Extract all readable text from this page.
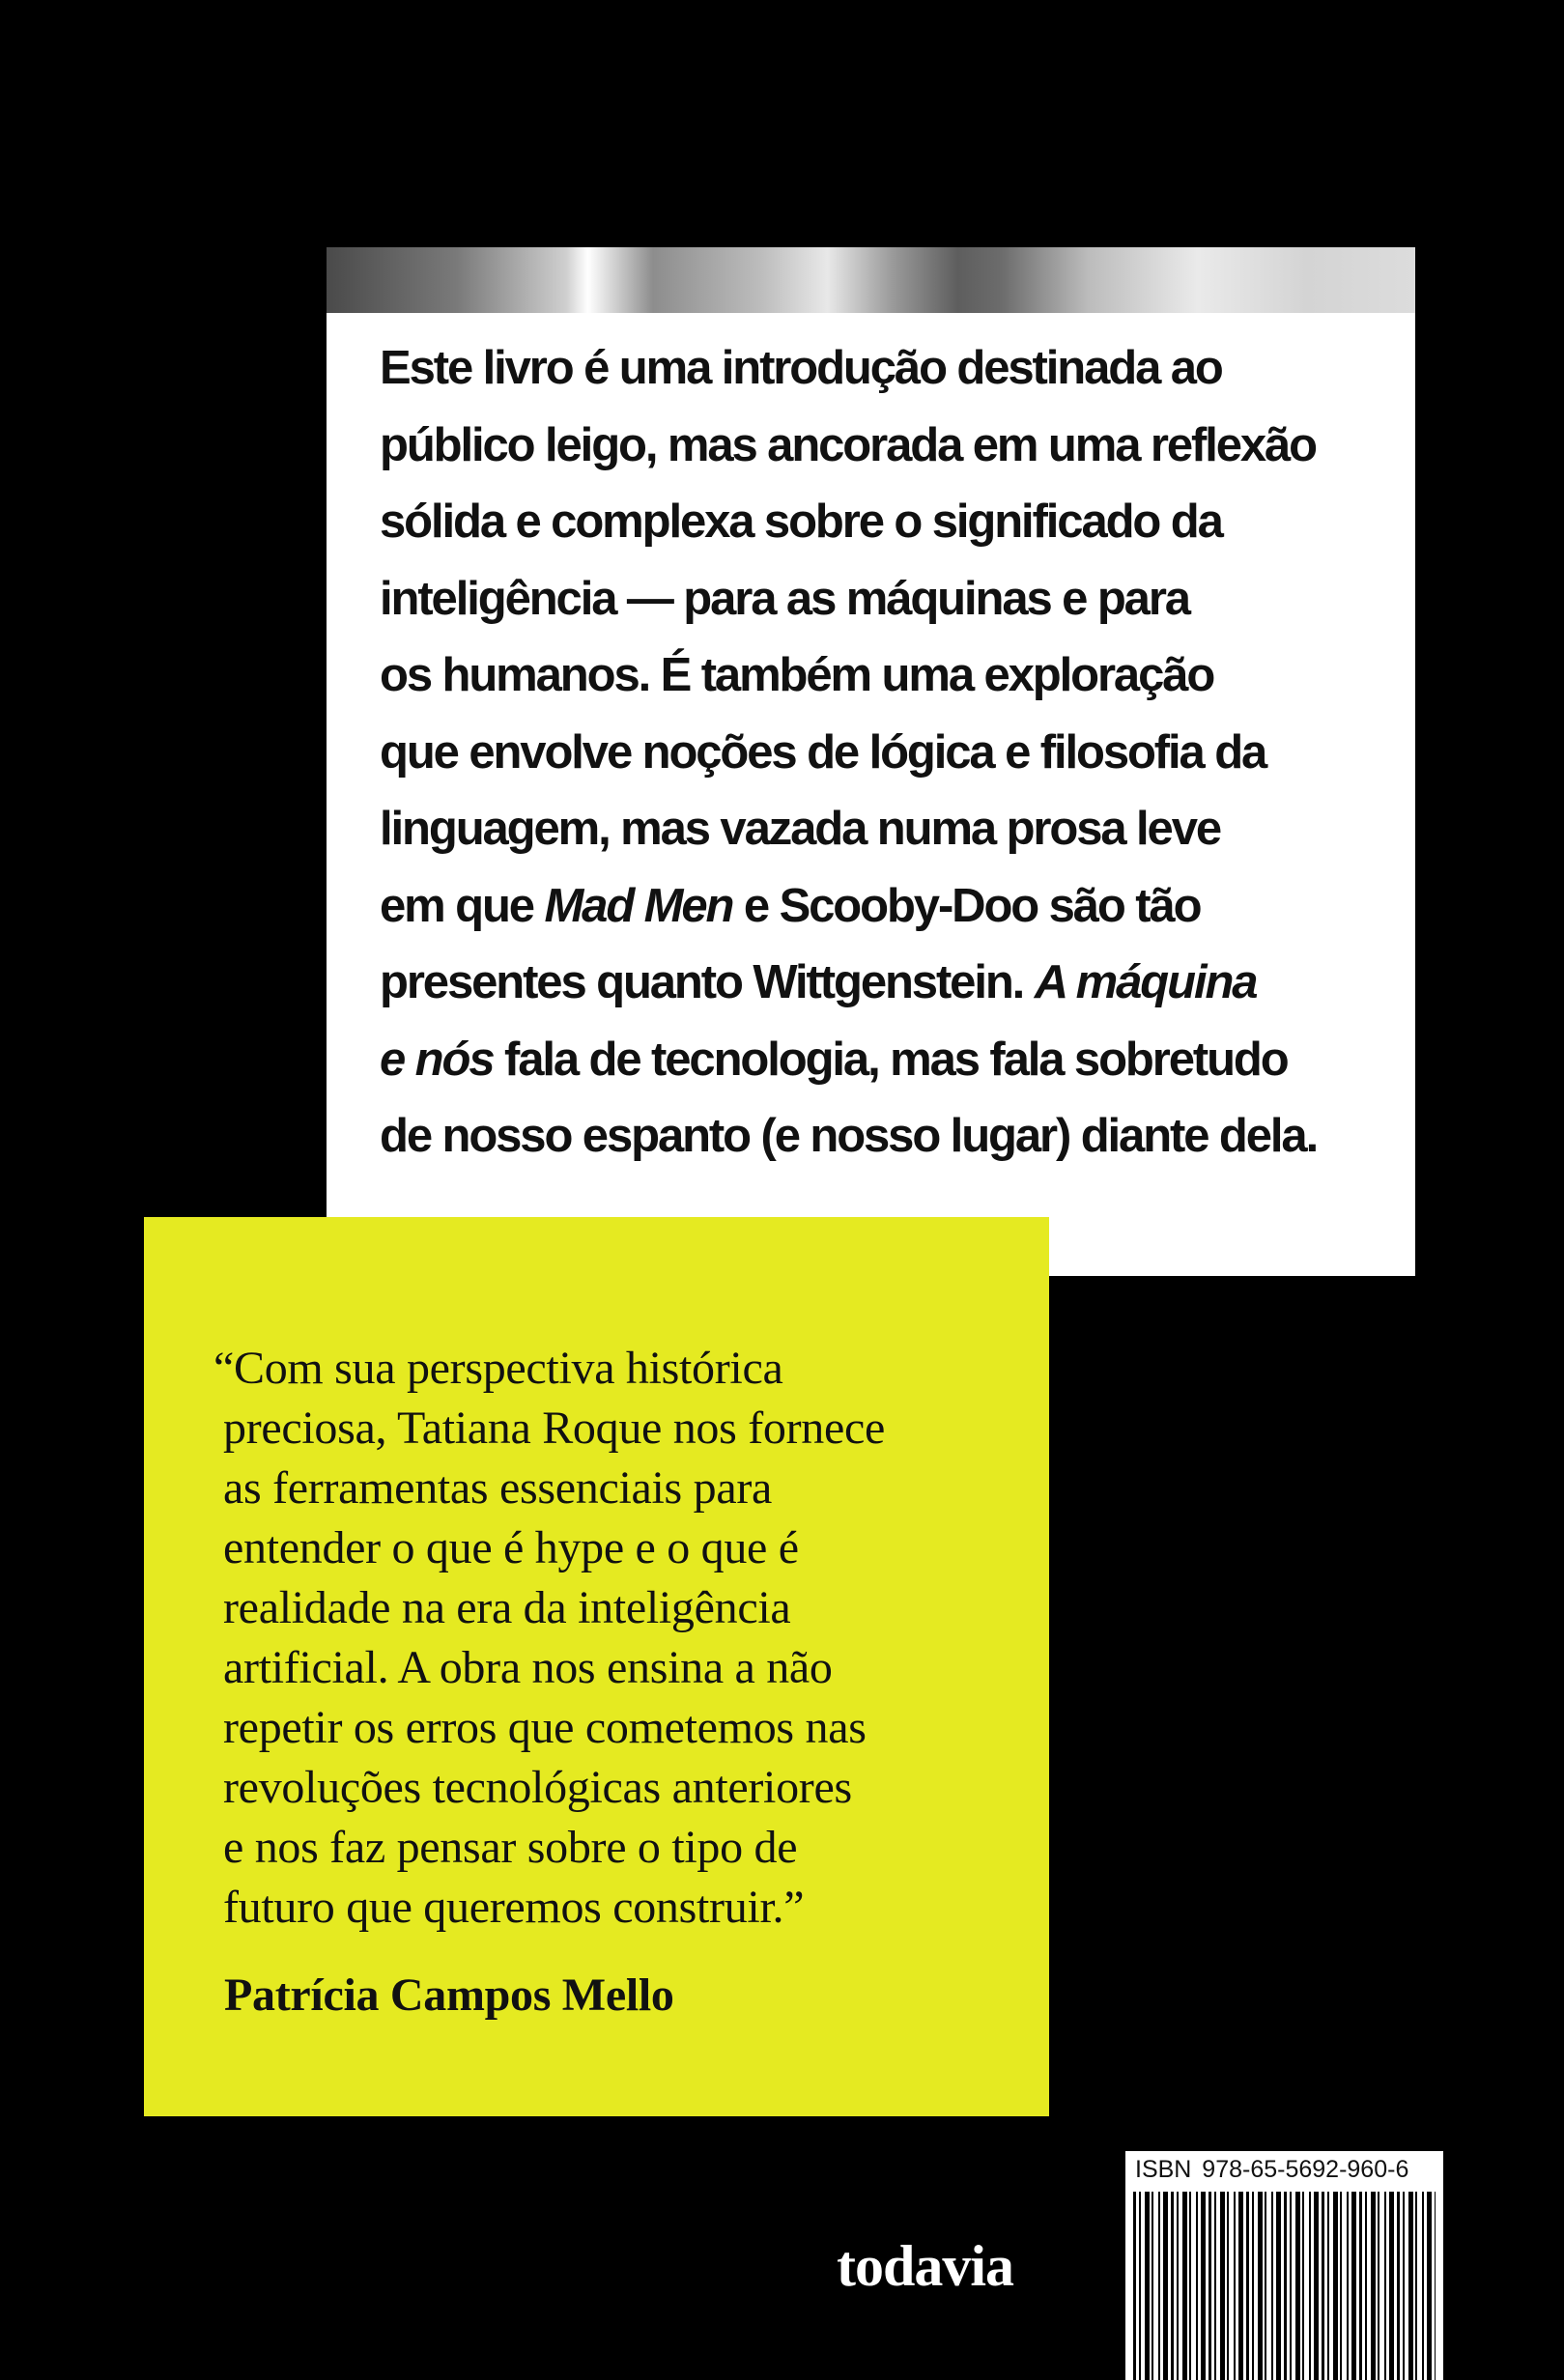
Este livro é uma introdução destinada ao
público leigo, mas ancorada em uma reflexão
sólida e complexa sobre o significado da
inteligência — para as máquinas e para
os humanos. É também uma exploração
que envolve noções de lógica e filosofia da
linguagem, mas vazada numa prosa leve
em que Mad Men e Scooby-Doo são tão
presentes quanto Wittgenstein. A máquina
e nós fala de tecnologia, mas fala sobretudo
de nosso espanto (e nosso lugar) diante dela.

“Com sua perspectiva histórica
preciosa, Tatiana Roque nos fornece
as ferramentas essenciais para
entender o que é hype e o que é
realidade na era da inteligência
artificial. A obra nos ensina a não
repetir os erros que cometemos nas
revoluções tecnológicas anteriores
e nos faz pensar sobre o tipo de
futuro que queremos construir.”

Patrícia Campos Mello
todavia
ISBN 978-65-5692-960-6
